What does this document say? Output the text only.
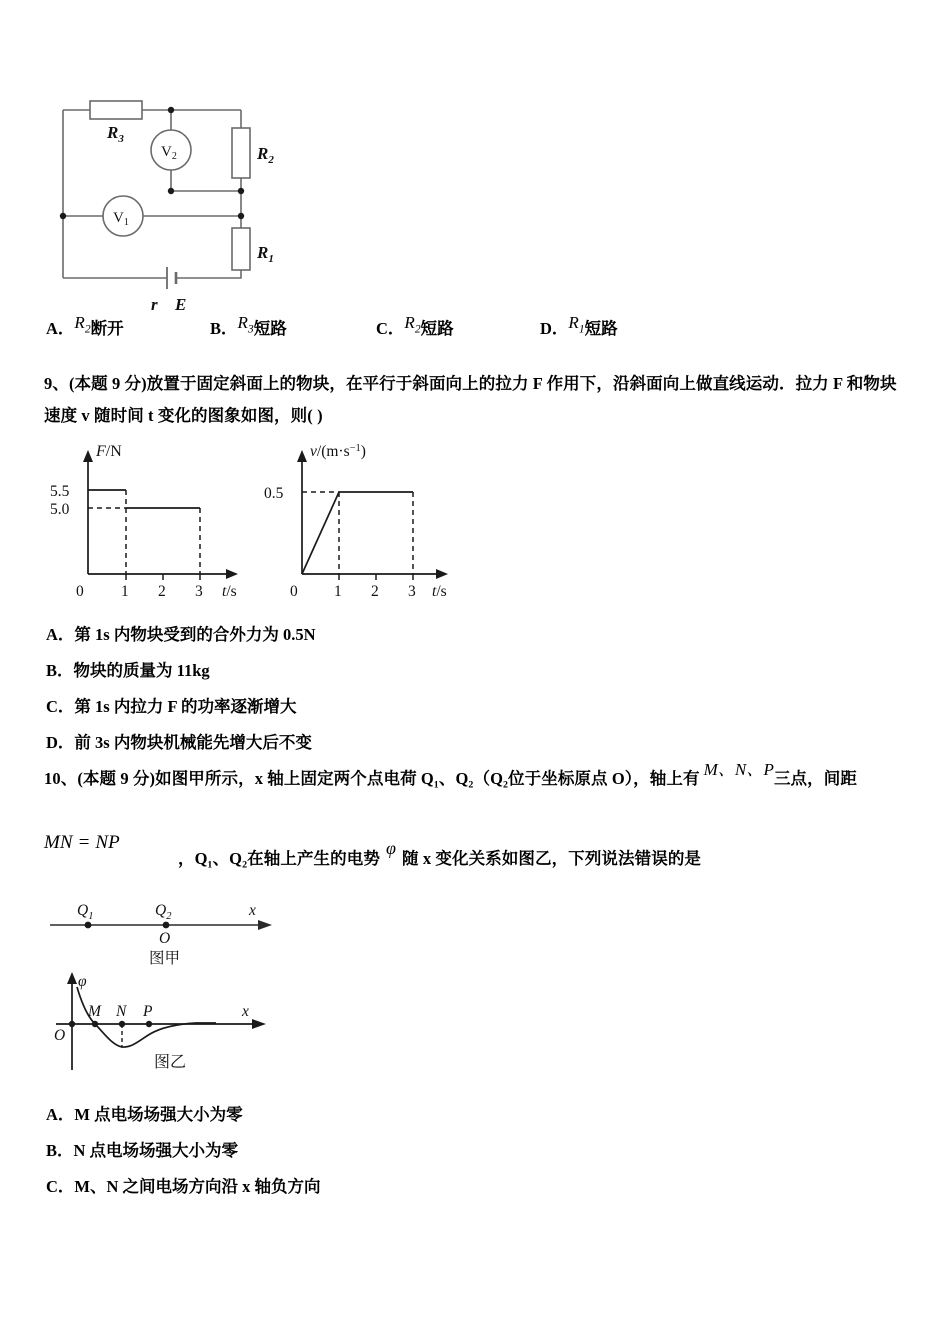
$R_3$
$R_2$
$R_1$
$V_2$
$V_1$
r E
A．$R_2$断开	B．$R_3$短路	C．$R_2$短路	D．$R_1$短路
9、(本题 9 分)放置于固定斜面上的物块，在平行于斜面向上的拉力 F 作用下，沿斜面向上做直线运动．拉力 F 和物块
速度 v 随时间 t 变化的图象如图，则( )
5.5
5.0
0 1 2 3
F/N
t/s
0.5
0 1 2 3
$v/(m\cdot s^{-1})$
t/s
A．第 1s 内物块受到的合外力为 0.5N
B．物块的质量为 11kg
C．第 1s 内拉力 F 的功率逐渐增大
D．前 3s 内物块机械能先增大后不变
10、(本题 9 分)如图甲所示，x 轴上固定两个点电荷 Q₁、Q₂（Q₂位于坐标原点 O），轴上有 M、N、P三点，间距
MN = NP
，Q₁、Q₂在轴上产生的电势φ随 x 变化关系如图乙，下列说法错误的是
$Q_1$	$Q_2$
O
x
图甲
φ
O
M N P	x
图乙
A．M 点电场场强大小为零
B．N 点电场场强大小为零
C．M、N 之间电场方向沿 x 轴负方向
